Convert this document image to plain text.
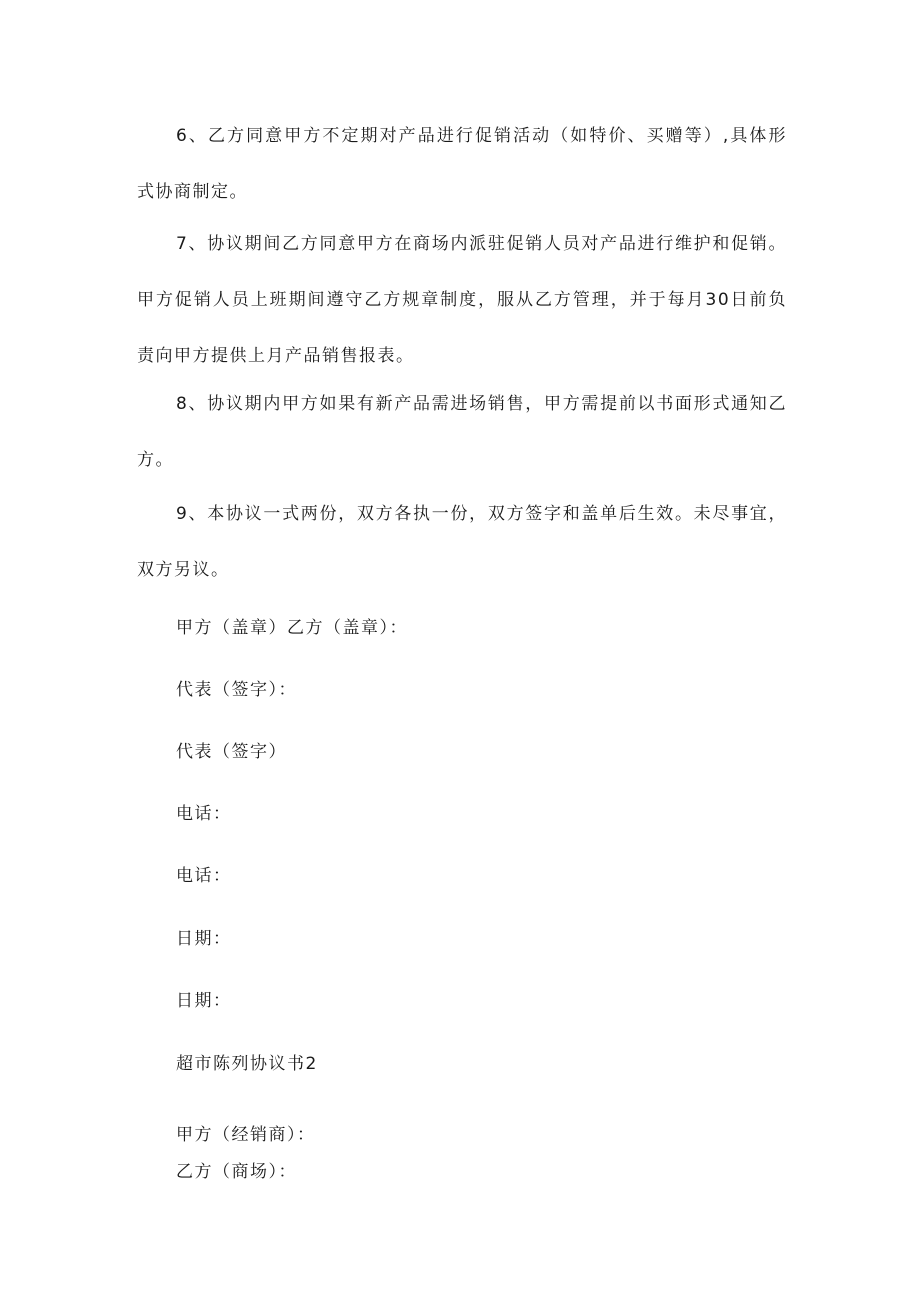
6、乙方同意甲方不定期对产品进行促销活动（如特价、买赠等）,具体形式协商制定。

7、协议期间乙方同意甲方在商场内派驻促销人员对产品进行维护和促销。甲方促销人员上班期间遵守乙方规章制度，服从乙方管理，并于每月30日前负责向甲方提供上月产品销售报表。

8、协议期内甲方如果有新产品需进场销售，甲方需提前以书面形式通知乙方。

9、本协议一式两份，双方各执一份，双方签字和盖单后生效。未尽事宜，双方另议。

甲方（盖章）乙方（盖章）：

代表（签字）：

代表（签字）

电话：

电话：

日期：

日期：

超市陈列协议书2

甲方（经销商）：

乙方（商场）：
